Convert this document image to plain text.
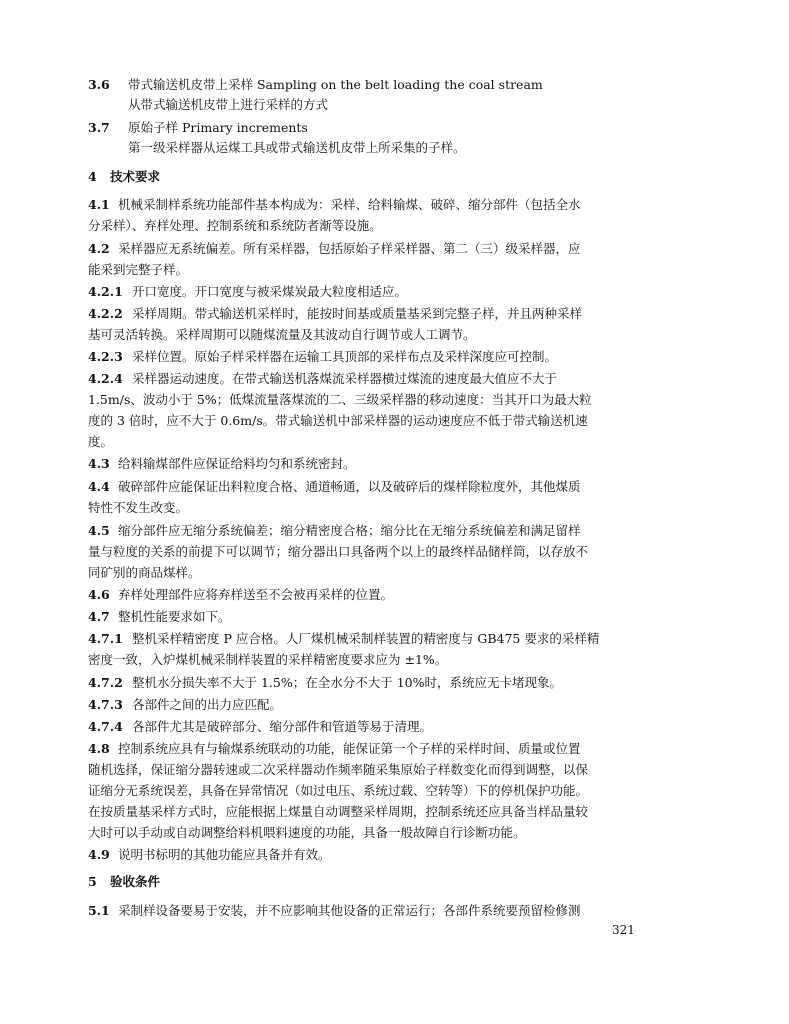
3.6 带式输送机皮带上采样 Sampling on the belt loading the coal stream
从带式输送机皮带上进行采样的方式
3.7 原始子样 Primary increments
第一级采样器从运煤工具或带式输送机皮带上所采集的子样。
4 技术要求
4.1 机械采制样系统功能部件基本构成为：采样、给料输煤、破碎、缩分部件（包括全水
分采样）、弃样处理、控制系统和系统防者渐等设施。
4.2 采样器应无系统偏差。所有采样器，包括原始子样采样器、第二（三）级采样器，应
能采到完整子样。
4.2.1 开口宽度。开口宽度与被采煤炭最大粒度相适应。
4.2.2 采样周期。带式输送机采样时，能按时间基或质量基采到完整子样，并且两种采样
基可灵活转换。采样周期可以随煤流量及其波动自行调节或人工调节。
4.2.3 采样位置。原始子样采样器在运输工具顶部的采样布点及采样深度应可控制。
4.2.4 采样器运动速度。在带式输送机落煤流采样器横过煤流的速度最大值应不大于
1.5m/s、波动小于 5%；低煤流量落煤流的二、三级采样器的移动速度：当其开口为最大粒
度的 3 倍时，应不大于 0.6m/s。带式输送机中部采样器的运动速度应不低于带式输送机速
度。
4.3 给料输煤部件应保证给料均匀和系统密封。
4.4 破碎部件应能保证出料粒度合格、通道畅通，以及破碎后的煤样除粒度外，其他煤质
特性不发生改变。
4.5 缩分部件应无缩分系统偏差；缩分精密度合格；缩分比在无缩分系统偏差和满足留样
量与粒度的关系的前提下可以调节；缩分器出口具备两个以上的最终样品储样筒，以存放不
同矿别的商品煤样。
4.6 弃样处理部件应将弃样送至不会被再采样的位置。
4.7 整机性能要求如下。
4.7.1 整机采样精密度 P 应合格。人厂煤机械采制样装置的精密度与 GB475 要求的采样精
密度一致，入炉煤机械采制样装置的采样精密度要求应为 ±1%。
4.7.2 整机水分损失率不大于 1.5%；在全水分不大于 10%时，系统应无卡堵现象。
4.7.3 各部件之间的出力应匹配。
4.7.4 各部件尤其是破碎部分、缩分部件和管道等易于清理。
4.8 控制系统应具有与输煤系统联动的功能，能保证第一个子样的采样时间、质量或位置
随机选择，保证缩分器转速或二次采样器动作频率随采集原始子样数变化而得到调整，以保
证缩分无系统误差，具备在异常情况（如过电压、系统过载、空转等）下的停机保护功能。
在按质量基采样方式时，应能根据上煤量自动调整采样周期，控制系统还应具备当样品量较
大时可以手动或自动调整给料机喂料速度的功能，具备一般故障自行诊断功能。
4.9 说明书标明的其他功能应具备并有效。
5 验收条件
5.1 采制样设备要易于安装，并不应影响其他设备的正常运行；各部件系统要预留检修测
321
